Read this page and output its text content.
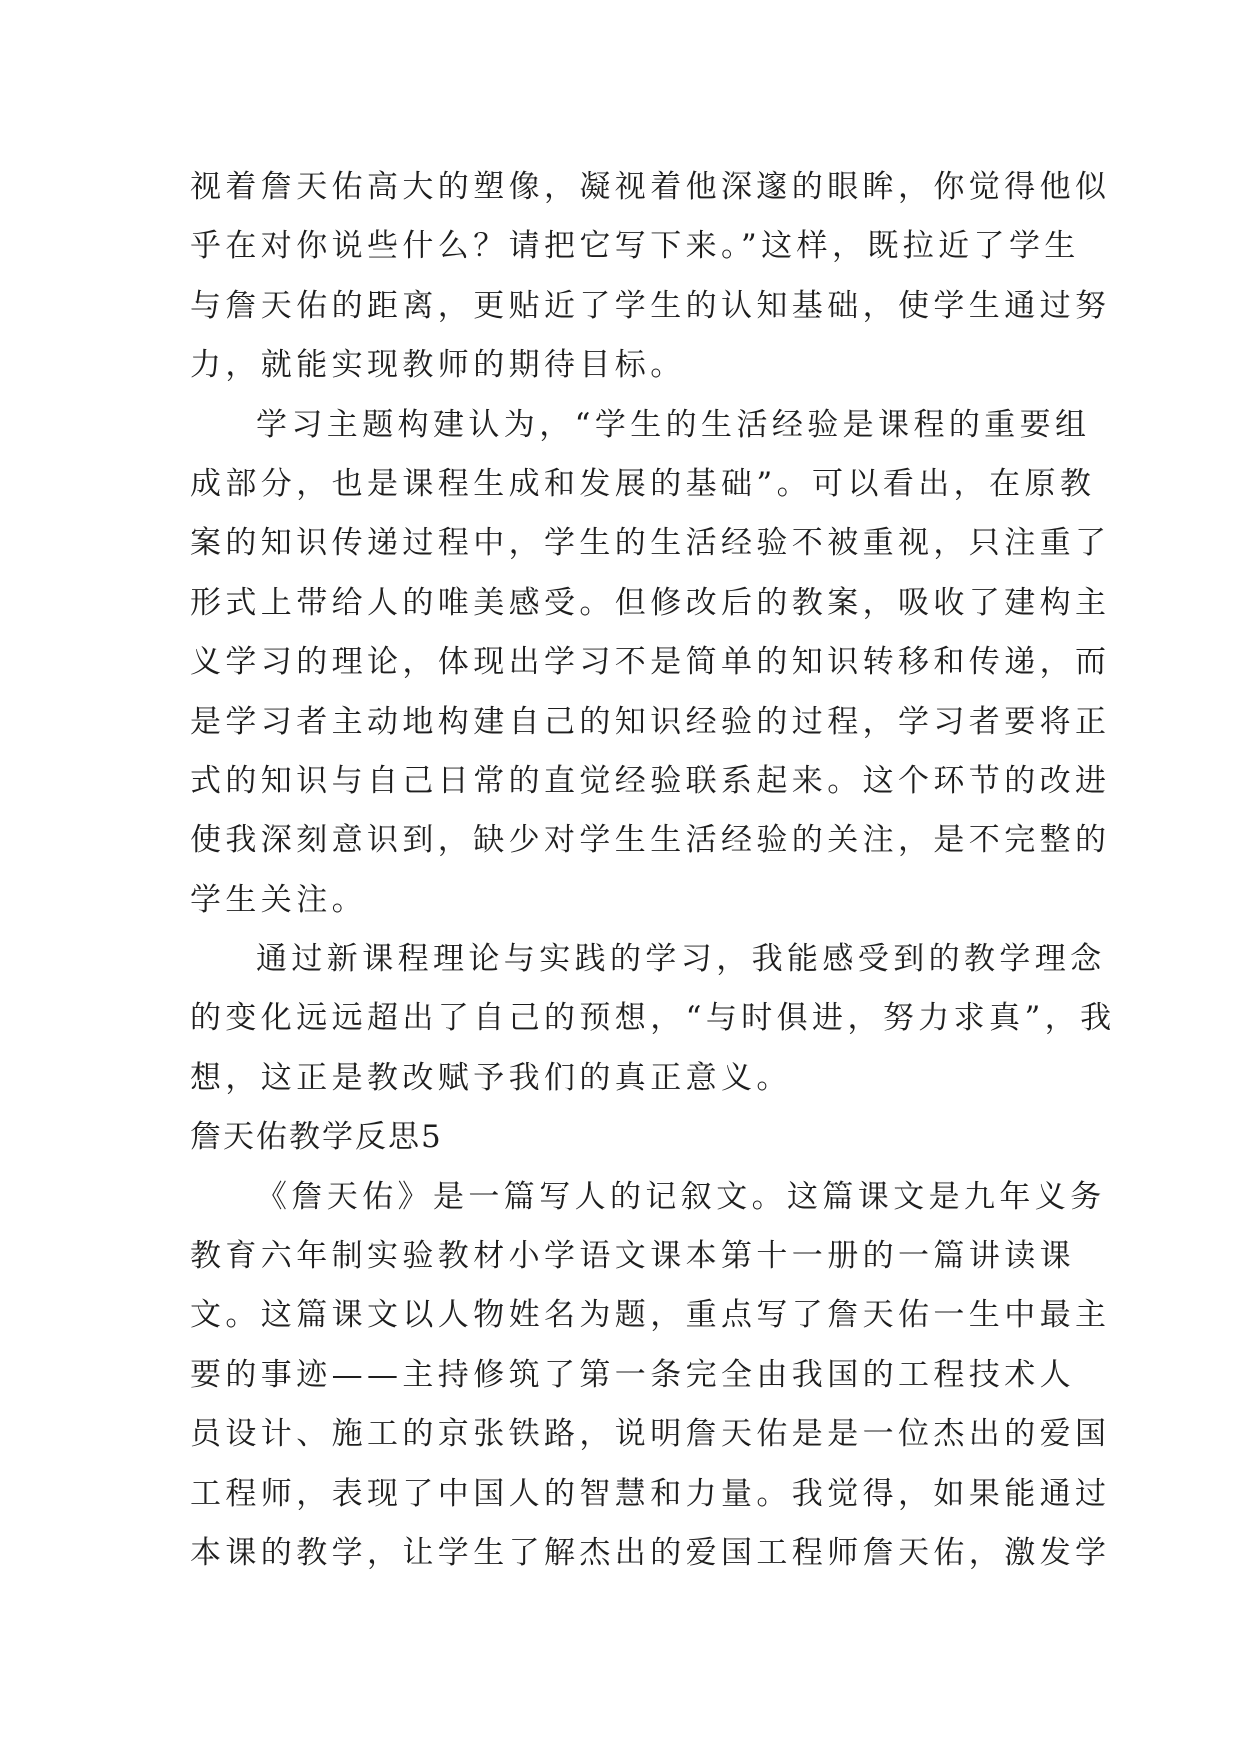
视着詹天佑高大的塑像，凝视着他深邃的眼眸，你觉得他似
乎在对你说些什么？请把它写下来。”这样，既拉近了学生
与詹天佑的距离，更贴近了学生的认知基础，使学生通过努
力，就能实现教师的期待目标。
学习主题构建认为，“学生的生活经验是课程的重要组
成部分，也是课程生成和发展的基础”。可以看出，在原教
案的知识传递过程中，学生的生活经验不被重视，只注重了
形式上带给人的唯美感受。但修改后的教案，吸收了建构主
义学习的理论，体现出学习不是简单的知识转移和传递，而
是学习者主动地构建自己的知识经验的过程，学习者要将正
式的知识与自己日常的直觉经验联系起来。这个环节的改进
使我深刻意识到，缺少对学生生活经验的关注，是不完整的
学生关注。
通过新课程理论与实践的学习，我能感受到的教学理念
的变化远远超出了自己的预想，“与时俱进，努力求真”，我
想，这正是教改赋予我们的真正意义。
詹天佑教学反思5
《詹天佑》是一篇写人的记叙文。这篇课文是九年义务
教育六年制实验教材小学语文课本第十一册的一篇讲读课
文。这篇课文以人物姓名为题，重点写了詹天佑一生中最主
要的事迹——主持修筑了第一条完全由我国的工程技术人
员设计、施工的京张铁路，说明詹天佑是是一位杰出的爱国
工程师，表现了中国人的智慧和力量。我觉得，如果能通过
本课的教学，让学生了解杰出的爱国工程师詹天佑，激发学
